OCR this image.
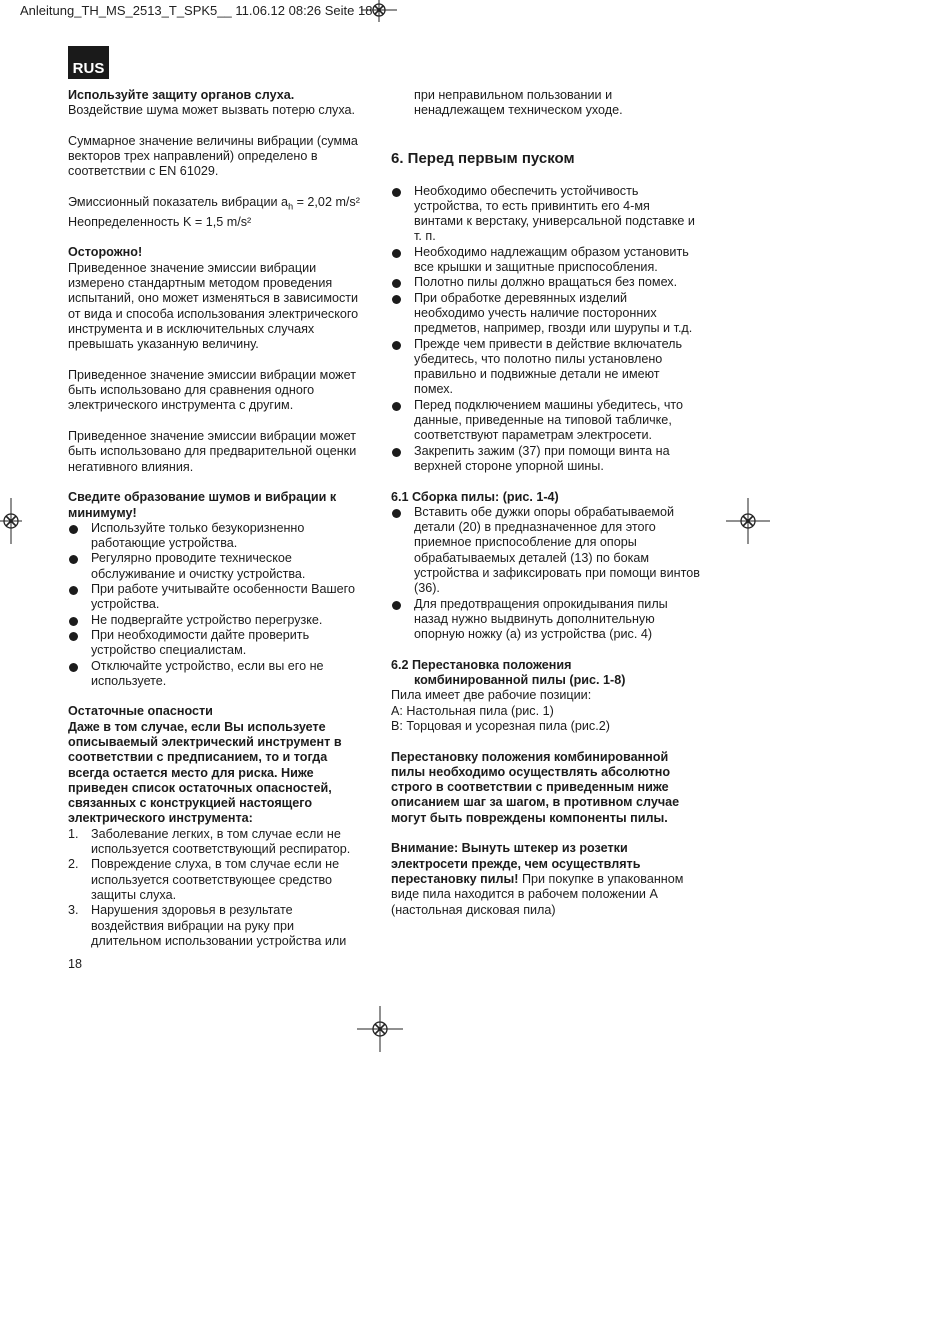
Anleitung_TH_MS_2513_T_SPK5__ 11.06.12 08:26 Seite 18
RUS

Используйте защиту органов слуха.

Воздействие шума может вызвать потерю слуха.

Суммарное значение величины вибрации (сумма векторов трех направлений) определено в соответствии с EN 61029.

Эмиссионный показатель вибрации $a_h = 2,02$ m/s²

Неопределенность K = 1,5 m/s²

Осторожно!

Приведенное значение эмиссии вибрации измерено стандартным методом проведения испытаний, оно может изменяться в зависимости от вида и способа использования электрического инструмента и в исключительных случаях превышать указанную величину.

Приведенное значение эмиссии вибрации может быть использовано для сравнения одного электрического инструмента с другим.

Приведенное значение эмиссии вибрации может быть использовано для предварительной оценки негативного влияния.

Сведите образование шумов и вибрации к минимуму!

Используйте только безукоризненно работающие устройства.
Регулярно проводите техническое обслуживание и очистку устройства.
При работе учитывайте особенности Вашего устройства.
Не подвергайте устройство перегрузке.
При необходимости дайте проверить устройство специалистам.
Отключайте устройство, если вы его не используете.

Остаточные опасности

Даже в том случае, если Вы используете описываемый электрический инструмент в соответствии с предписанием, то и тогда всегда остается место для риска. Ниже приведен список остаточных опасностей, связанных с конструкцией настоящего электрического инструмента:

1. Заболевание легких, в том случае если не используется соответствующий респиратор.
2. Повреждение слуха, в том случае если не используется соответствующее средство защиты слуха.
3. Нарушения здоровья в результате воздействия вибрации на руку при длительном использовании устройства или

при неправильном пользовании и ненадлежащем техническом уходе.

6. Перед первым пуском

Необходимо обеспечить устойчивость устройства, то есть привинтить его 4-мя винтами к верстаку, универсальной подставке и т. п.
Необходимо надлежащим образом установить все крышки и защитные приспособления.
Полотно пилы должно вращаться без помех.
При обработке деревянных изделий необходимо учесть наличие посторонних предметов, например, гвозди или шурупы и т.д.
Прежде чем привести в действие включатель убедитесь, что полотно пилы установлено правильно и подвижные детали не имеют помех.
Перед подключением машины убедитесь, что данные, приведенные на типовой табличке, соответствуют параметрам электросети.
Закрепить зажим (37) при помощи винта на верхней стороне упорной шины.

6.1 Сборка пилы: (рис. 1-4)

Вставить обе дужки опоры обрабатываемой детали (20) в предназначенное для этого приемное приспособление для опоры обрабатываемых деталей (13) по бокам устройства и зафиксировать при помощи винтов (36).
Для предотвращения опрокидывания пилы назад нужно выдвинуть дополнительную опорную ножку (а) из устройства (рис. 4)

6.2 Перестановка положения

комбинированной пилы (рис. 1-8)

Пила имеет две рабочие позиции:

A: Настольная пила (рис. 1)

B: Торцовая и усорезная пила (рис.2)

Перестановку положения комбинированной пилы необходимо осуществлять абсолютно строго в соответствии с приведенным ниже описанием шаг за шагом, в противном случае могут быть повреждены компоненты пилы.

Внимание: Вынуть штекер из розетки электросети прежде, чем осуществлять перестановку пилы! При покупке в упакованном виде пила находится в рабочем положении A (настольная дисковая пила)

18
